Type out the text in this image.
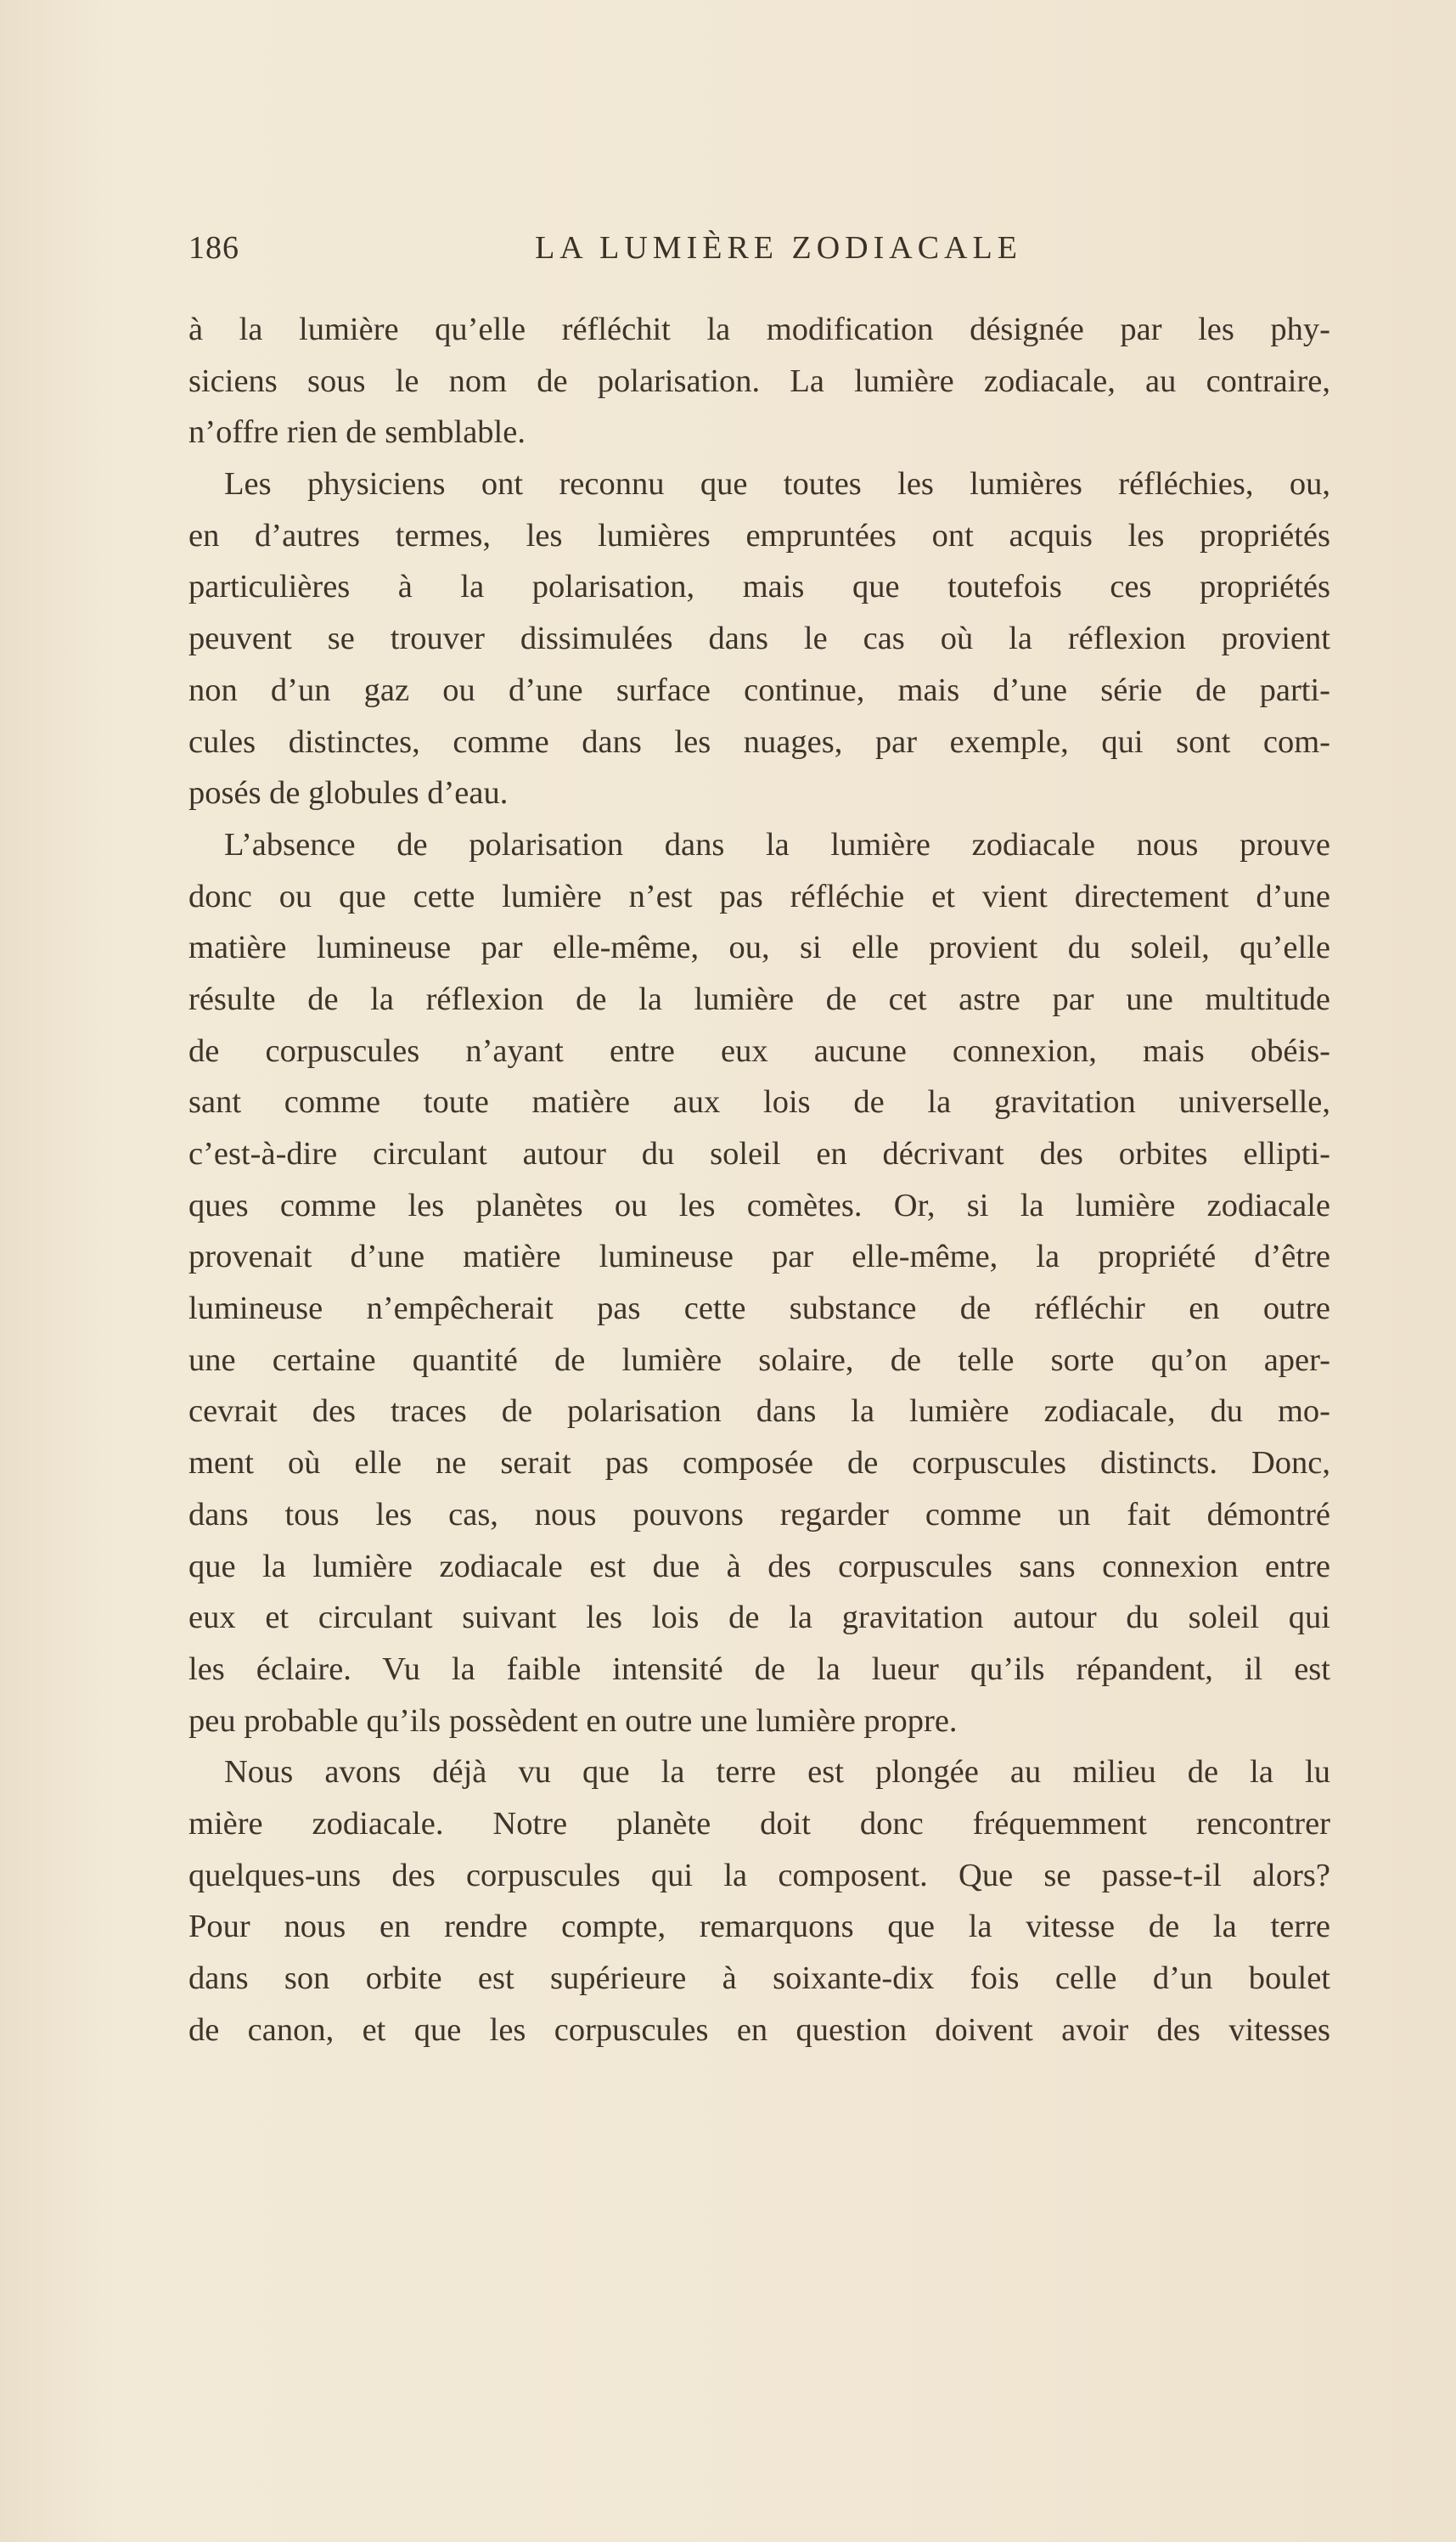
186	LA LUMIÈRE ZODIACALE
à la lumière qu’elle réfléchit la modification désignée par les phy-
siciens sous le nom de polarisation. La lumière zodiacale, au contraire,
n’offre rien de semblable.
Les physiciens ont reconnu que toutes les lumières réfléchies, ou,
en d’autres termes, les lumières empruntées ont acquis les propriétés
particulières à la polarisation, mais que toutefois ces propriétés
peuvent se trouver dissimulées dans le cas où la réflexion provient
non d’un gaz ou d’une surface continue, mais d’une série de parti-
cules distinctes, comme dans les nuages, par exemple, qui sont com-
posés de globules d’eau.
L’absence de polarisation dans la lumière zodiacale nous prouve
donc ou que cette lumière n’est pas réfléchie et vient directement d’une
matière lumineuse par elle-même, ou, si elle provient du soleil, qu’elle
résulte de la réflexion de la lumière de cet astre par une multitude
de corpuscules n’ayant entre eux aucune connexion, mais obéis-
sant comme toute matière aux lois de la gravitation universelle,
c’est-à-dire circulant autour du soleil en décrivant des orbites ellipti-
ques comme les planètes ou les comètes. Or, si la lumière zodiacale
provenait d’une matière lumineuse par elle-même, la propriété d’être
lumineuse n’empêcherait pas cette substance de réfléchir en outre
une certaine quantité de lumière solaire, de telle sorte qu’on aper-
cevrait des traces de polarisation dans la lumière zodiacale, du mo-
ment où elle ne serait pas composée de corpuscules distincts. Donc,
dans tous les cas, nous pouvons regarder comme un fait démontré
que la lumière zodiacale est due à des corpuscules sans connexion entre
eux et circulant suivant les lois de la gravitation autour du soleil qui
les éclaire. Vu la faible intensité de la lueur qu’ils répandent, il est
peu probable qu’ils possèdent en outre une lumière propre.
Nous avons déjà vu que la terre est plongée au milieu de la lu
mière zodiacale. Notre planète doit donc fréquemment rencontrer
quelques-uns des corpuscules qui la composent. Que se passe-t-il alors?
Pour nous en rendre compte, remarquons que la vitesse de la terre
dans son orbite est supérieure à soixante-dix fois celle d’un boulet
de canon, et que les corpuscules en question doivent avoir des vitesses
